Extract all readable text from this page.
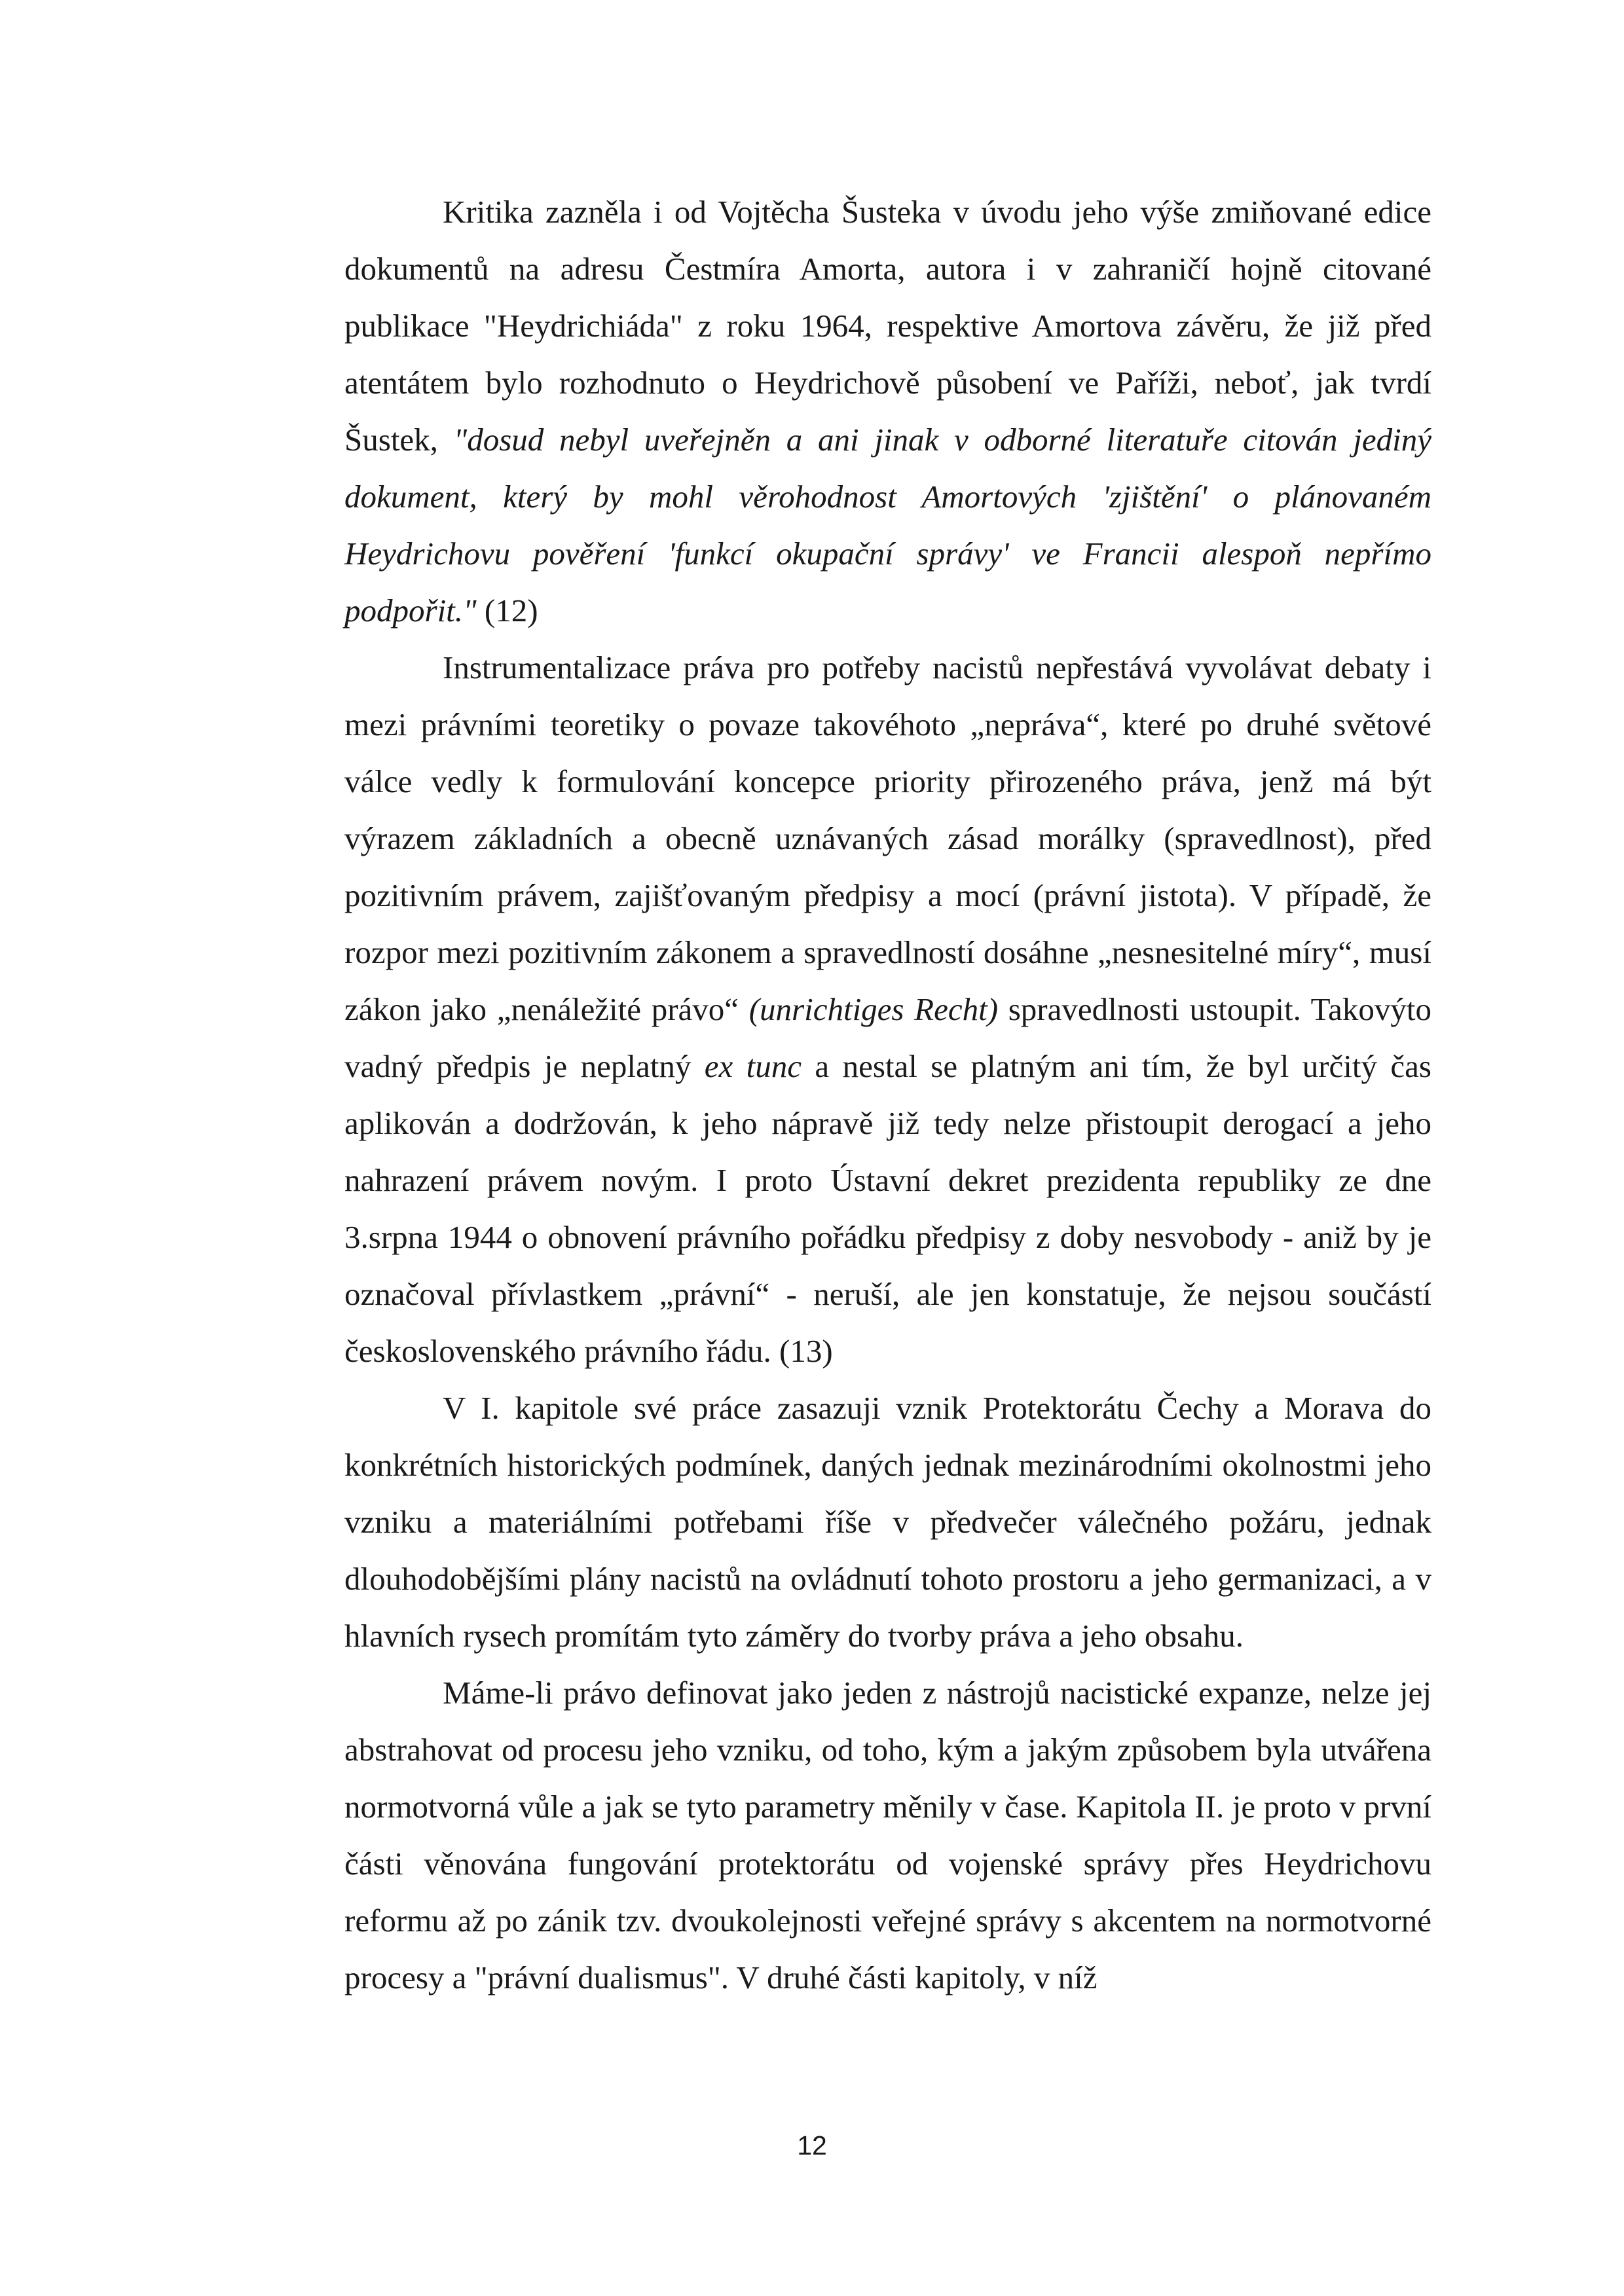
Kritika zazněla i od Vojtěcha Šusteka v úvodu jeho výše zmiňované edice dokumentů na adresu Čestmíra Amorta, autora i v zahraničí hojně citované publikace "Heydrichiáda" z roku 1964, respektive Amortova závěru, že již před atentátem bylo rozhodnuto o Heydrichově působení ve Paříži, neboť, jak tvrdí Šustek, "dosud nebyl uveřejněn a ani jinak v odborné literatuře citován jediný dokument, který by mohl věrohodnost Amortových 'zjištění' o plánovaném Heydrichovu pověření 'funkcí okupační správy' ve Francii alespoň nepřímo podpořit." (12)

Instrumentalizace práva pro potřeby nacistů nepřestává vyvolávat debaty i mezi právními teoretiky o povaze takovéhoto „neprávа“, které po druhé světové válce vedly k formulování koncepce priority přirozeného práva, jenž má být výrazem základních a obecně uznávaných zásad morálky (spravedlnost), před pozitivním právem, zajišťovaným předpisy a mocí (právní jistota). V případě, že rozpor mezi pozitivním zákonem a spravedlností dosáhne „nesnesitelné míry“, musí zákon jako „nenáležité právo“ (unrichtiges Recht) spravedlnosti ustoupit. Takovýto vadný předpis je neplatný ex tunc a nestal se platným ani tím, že byl určitý čas aplikován a dodržován, k jeho nápravě již tedy nelze přistoupit derogací a jeho nahrazení právem novým. I proto Ústavní dekret prezidenta republiky ze dne 3.srpna 1944 o obnovení právního pořádku předpisy z doby nesvobody - aniž by je označoval přívlastkem „právní“ - neruší, ale jen konstatuje, že nejsou součástí československého právního řádu. (13)

V I. kapitole své práce zasazuji vznik Protektorátu Čechy a Morava do konkrétních historických podmínek, daných jednak mezinárodními okolnostmi jeho vzniku a materiálními potřebami říše v předvečer válečného požáru, jednak dlouhodobějšími plány nacistů na ovládnutí tohoto prostoru a jeho germanizaci, a v hlavních rysech promítám tyto záměry do tvorby práva a jeho obsahu.

Máme-li právo definovat jako jeden z nástrojů nacistické expanze, nelze jej abstrahovat od procesu jeho vzniku, od toho, kým a jakým způsobem byla utvářena normotvorná vůle a jak se tyto parametry měnily v čase. Kapitola II. je proto v první části věnována fungování protektorátu od vojenské správy přes Heydrichovu reformu až po zánik tzv. dvoukolejnosti veřejné správy s akcentem na normotvorné procesy a "právní dualismus". V druhé části kapitoly, v níž

12
